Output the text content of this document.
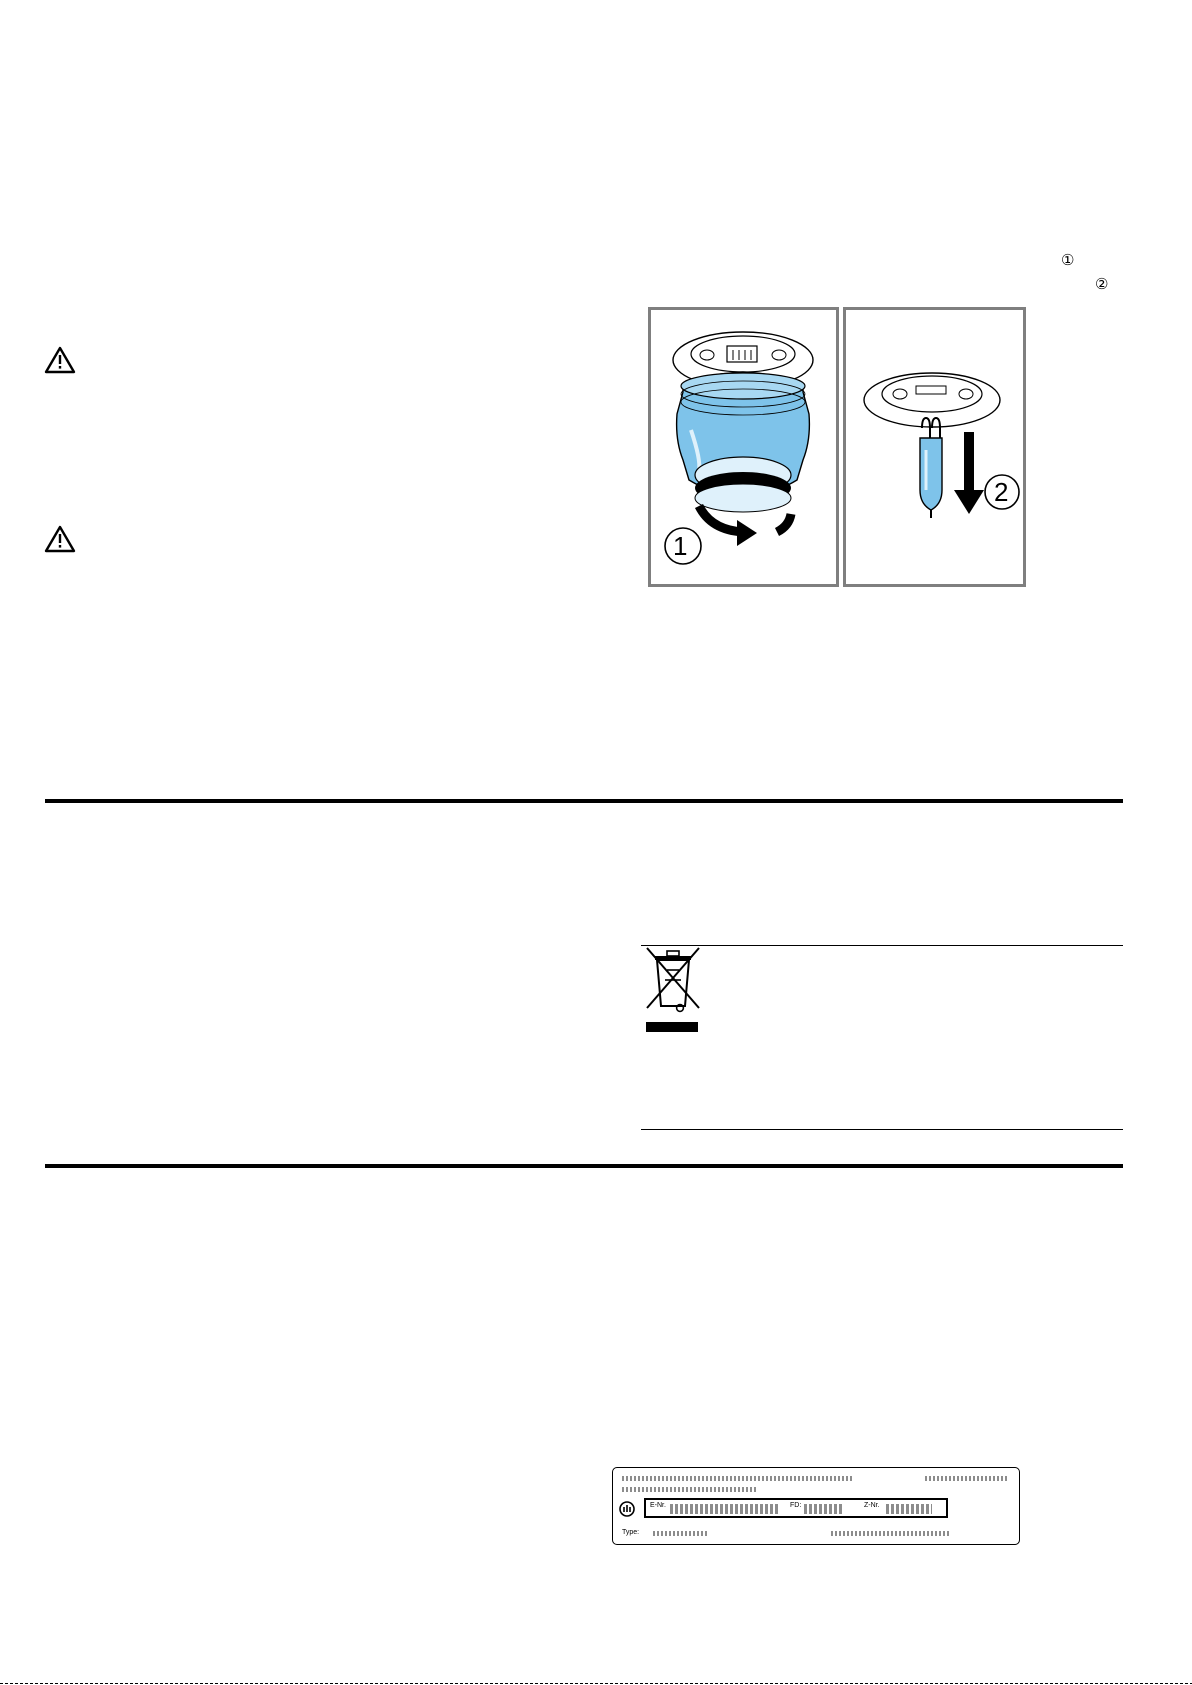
①
②
1
2
E-Nr.	FD:	Z-Nr.
Type:
